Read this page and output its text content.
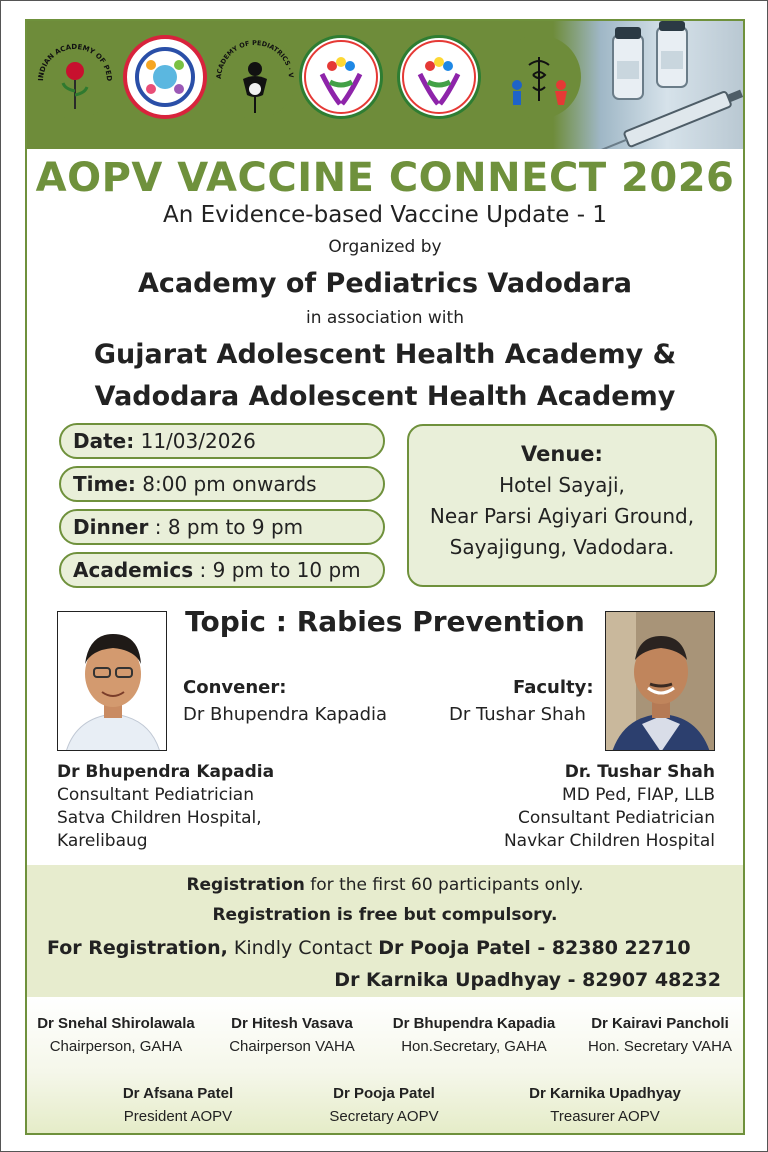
INDIAN ACADEMY OF PED	ACADEMY OF PEDIATRICS · V
AOPV VACCINE CONNECT 2026
An Evidence-based Vaccine Update - 1
Organized by
Academy of Pediatrics Vadodara
in association with
Gujarat Adolescent Health Academy &
Vadodara Adolescent Health Academy
Date: 11/03/2026
Time: 8:00 pm onwards
Dinner : 8 pm to 9 pm
Academics : 9 pm to 10 pm
Venue:
Hotel Sayaji,
Near Parsi Agiyari Ground,
Sayajigung, Vadodara.
Topic : Rabies Prevention
Convener:
Dr Bhupendra Kapadia
Faculty:
Dr Tushar Shah
Dr Bhupendra Kapadia
Consultant Pediatrician
Satva Children Hospital,
Karelibaug
Dr. Tushar Shah
MD Ped, FIAP, LLB
Consultant Pediatrician
Navkar Children Hospital
Registration for the first 60 participants only.
Registration is free but compulsory.
For Registration, Kindly Contact Dr Pooja Patel - 82380 22710
Dr Karnika Upadhyay - 82907 48232
Dr Snehal Shirolawala
Chairperson, GAHA
Dr Hitesh Vasava
Chairperson VAHA
Dr Bhupendra Kapadia
Hon.Secretary, GAHA
Dr Kairavi Pancholi
Hon. Secretary VAHA
Dr Afsana Patel
President AOPV
Dr Pooja Patel
Secretary AOPV
Dr Karnika Upadhyay
Treasurer AOPV
